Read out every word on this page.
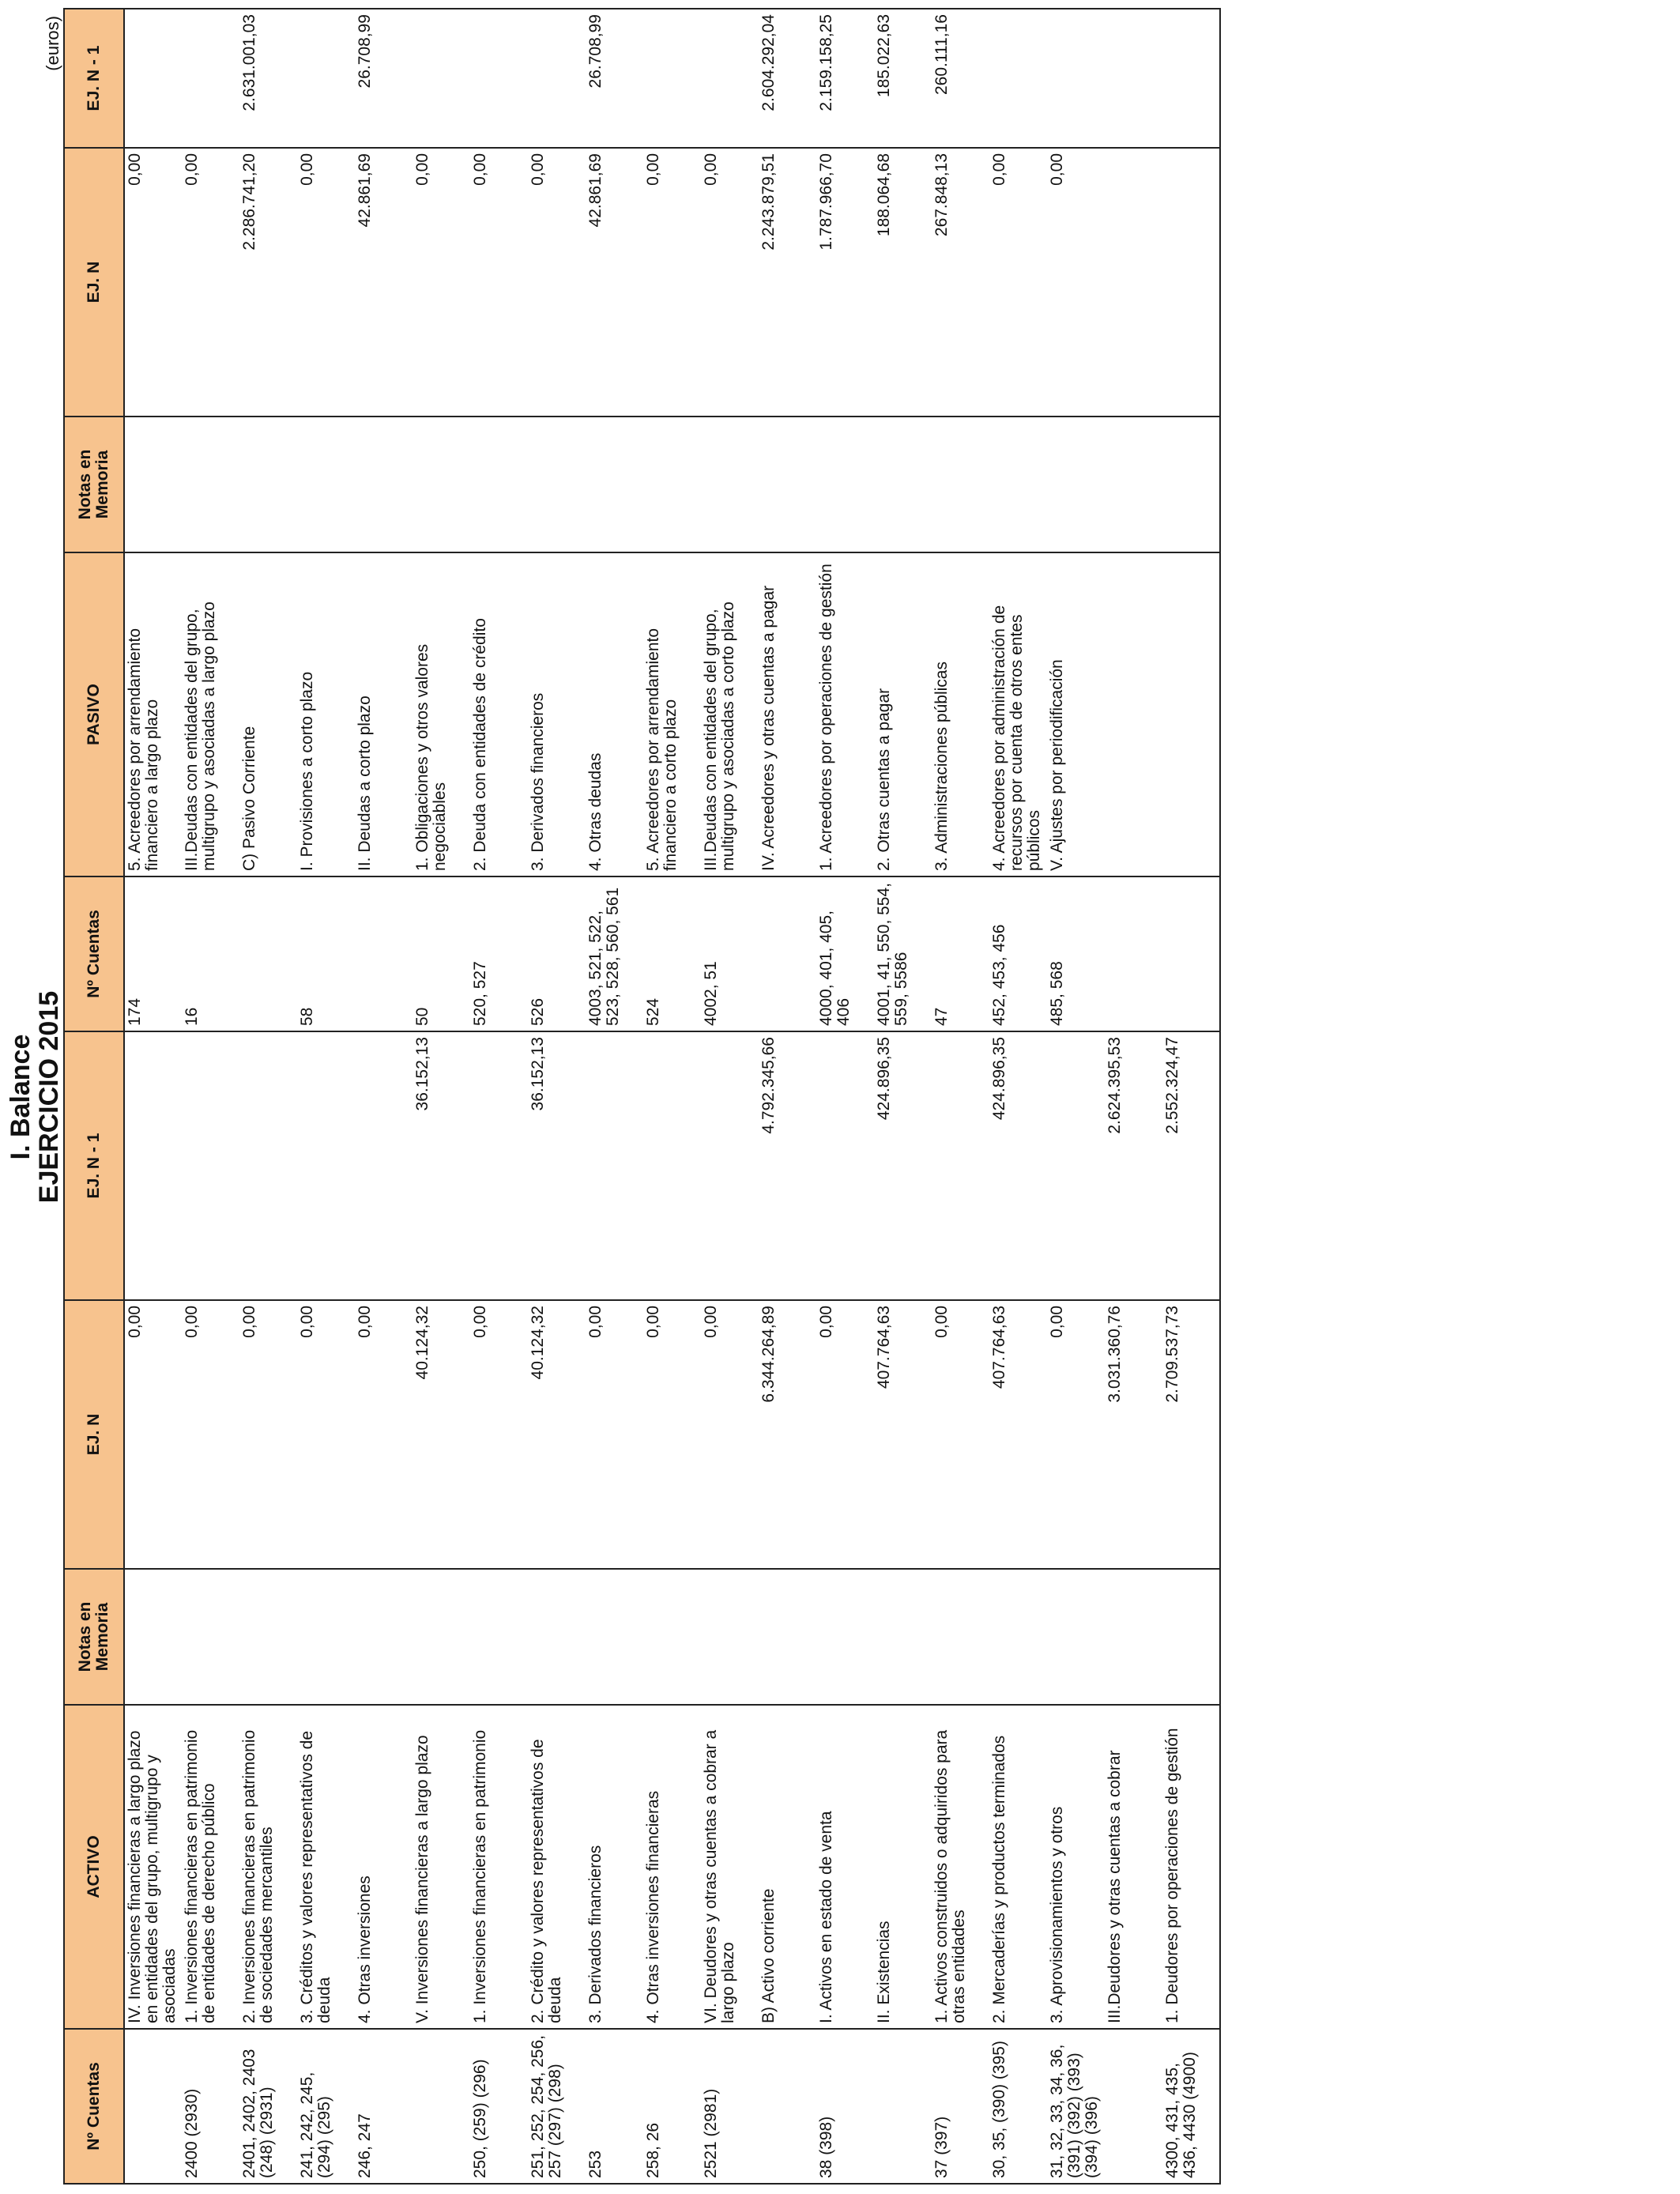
I. Balance
EJERCICIO 2015
(euros)
Nº Cuentas	ACTIVO	Notas en Memoria	EJ. N	EJ. N - 1	Nº Cuentas	PASIVO	Notas en Memoria	EJ. N	EJ. N - 1
	IV. Inversiones financieras a largo plazo en entidades del grupo, multigrupo y asociadas		0,00		174	5. Acreedores por arrendamiento financiero a largo plazo		0,00	
2400 (2930)	1. Inversiones financieras en patrimonio de entidades de derecho público		0,00		16	III.Deudas con entidades del grupo, multigrupo y asociadas a largo plazo		0,00	
2401, 2402, 2403 (248) (2931)	2. Inversiones financieras en patrimonio de sociedades mercantiles		0,00			C) Pasivo Corriente		2.286.741,20	2.631.001,03
241, 242, 245, (294) (295)	3. Créditos y valores representativos de deuda		0,00		58	I. Provisiones a corto plazo		0,00	
246, 247	4. Otras inversiones		0,00			II. Deudas a corto plazo		42.861,69	26.708,99
	V. Inversiones financieras a largo plazo		40.124,32	36.152,13	50	1. Obligaciones y otros valores negociables		0,00	
250, (259) (296)	1. Inversiones financieras en patrimonio		0,00		520, 527	2. Deuda con entidades de crédito		0,00	
251, 252, 254, 256, 257 (297) (298)	2. Crédito y valores representativos de deuda		40.124,32	36.152,13	526	3. Derivados financieros		0,00	
253	3. Derivados financieros		0,00		4003, 521, 522, 523, 528, 560, 561	4. Otras deudas		42.861,69	26.708,99
258, 26	4. Otras inversiones financieras		0,00		524	5. Acreedores por arrendamiento financiero a corto plazo		0,00	
2521 (2981)	VI. Deudores y otras cuentas a cobrar a largo plazo		0,00		4002, 51	III.Deudas con entidades del grupo, multigrupo y asociadas a corto plazo		0,00	
	B) Activo corriente		6.344.264,89	4.792.345,66		IV. Acreedores y otras cuentas a pagar		2.243.879,51	2.604.292,04
38 (398)	I. Activos en estado de venta		0,00		4000, 401, 405, 406	1. Acreedores por operaciones de gestión		1.787.966,70	2.159.158,25
	II. Existencias		407.764,63	424.896,35	4001, 41, 550, 554, 559, 5586	2. Otras cuentas a pagar		188.064,68	185.022,63
37 (397)	1. Activos construidos o adquiridos para otras entidades		0,00		47	3. Administraciones públicas		267.848,13	260.111,16
30, 35, (390) (395)	2. Mercaderías y productos terminados		407.764,63	424.896,35	452, 453, 456	4. Acreedores por administración de recursos por cuenta de otros entes públicos		0,00	
31, 32, 33, 34, 36, (391) (392) (393) (394) (396)	3. Aprovisionamientos y otros		0,00		485, 568	V. Ajustes por periodificación		0,00	
	III.Deudores y otras cuentas a cobrar		3.031.360,76	2.624.395,53					
4300, 431, 435, 436, 4430 (4900)	1. Deudores por operaciones de gestión		2.709.537,73	2.552.324,47					
